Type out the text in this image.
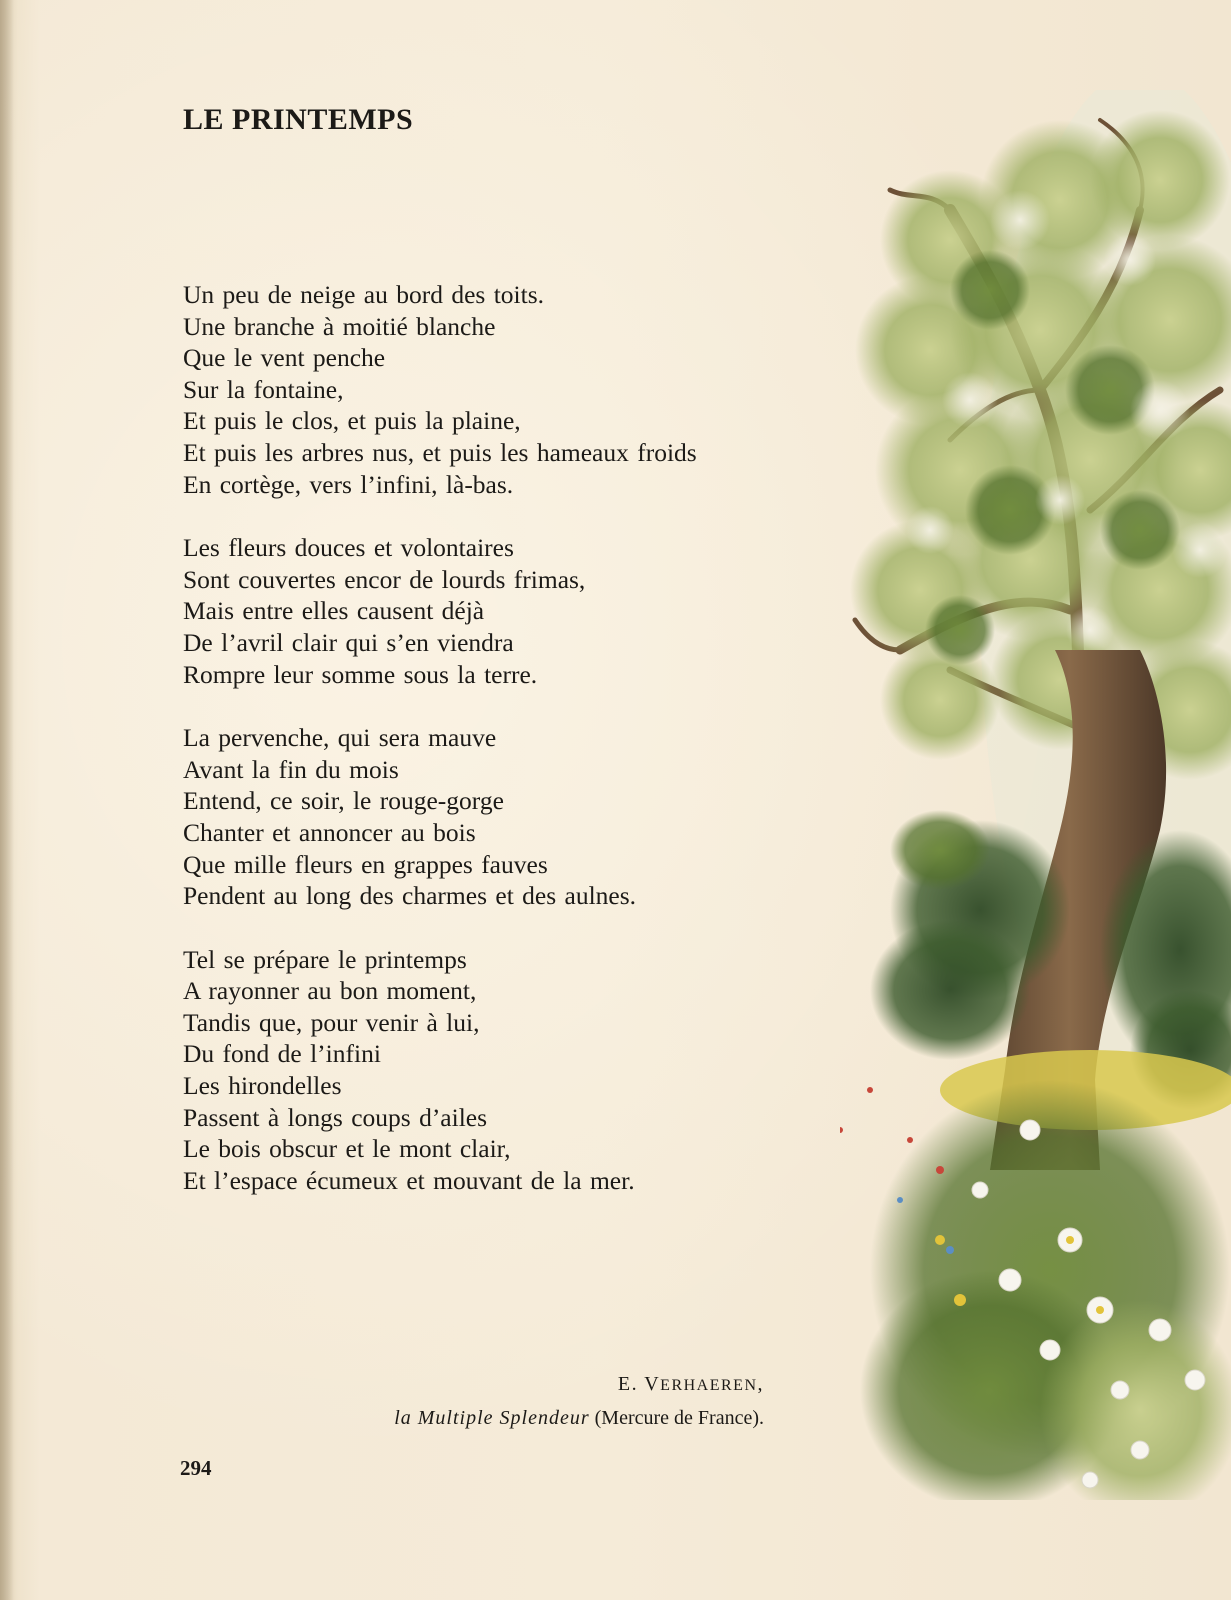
LE PRINTEMPS
Un peu de neige au bord des toits.
Une branche à moitié blanche
Que le vent penche
Sur la fontaine,
Et puis le clos, et puis la plaine,
Et puis les arbres nus, et puis les hameaux froids
En cortège, vers l’infini, là-bas.
Les fleurs douces et volontaires
Sont couvertes encor de lourds frimas,
Mais entre elles causent déjà
De l’avril clair qui s’en viendra
Rompre leur somme sous la terre.
La pervenche, qui sera mauve
Avant la fin du mois
Entend, ce soir, le rouge-gorge
Chanter et annoncer au bois
Que mille fleurs en grappes fauves
Pendent au long des charmes et des aulnes.
Tel se prépare le printemps
A rayonner au bon moment,
Tandis que, pour venir à lui,
Du fond de l’infini
Les hirondelles
Passent à longs coups d’ailes
Le bois obscur et le mont clair,
Et l’espace écumeux et mouvant de la mer.
E. VERHAEREN,
la Multiple Splendeur (Mercure de France).
294
